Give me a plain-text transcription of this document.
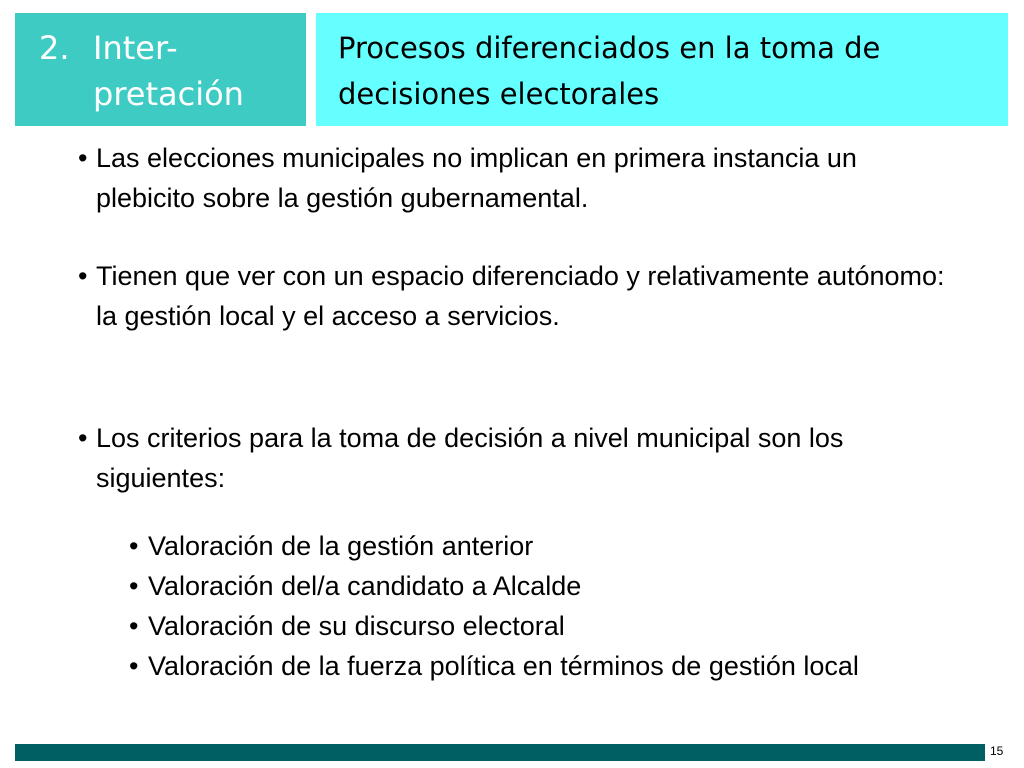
2. Inter-pretación
Procesos diferenciados en la toma de decisiones electorales
• Las elecciones municipales no implican en primera instancia un plebicito sobre la gestión gubernamental.
• Tienen que ver con un espacio diferenciado y relativamente autónomo: la gestión local y el acceso a servicios.
• Los criterios para la toma de decisión a nivel municipal son los siguientes:
• Valoración de la gestión anterior
• Valoración del/a candidato a Alcalde
• Valoración de su discurso electoral
• Valoración de la fuerza política en términos de gestión local
15
